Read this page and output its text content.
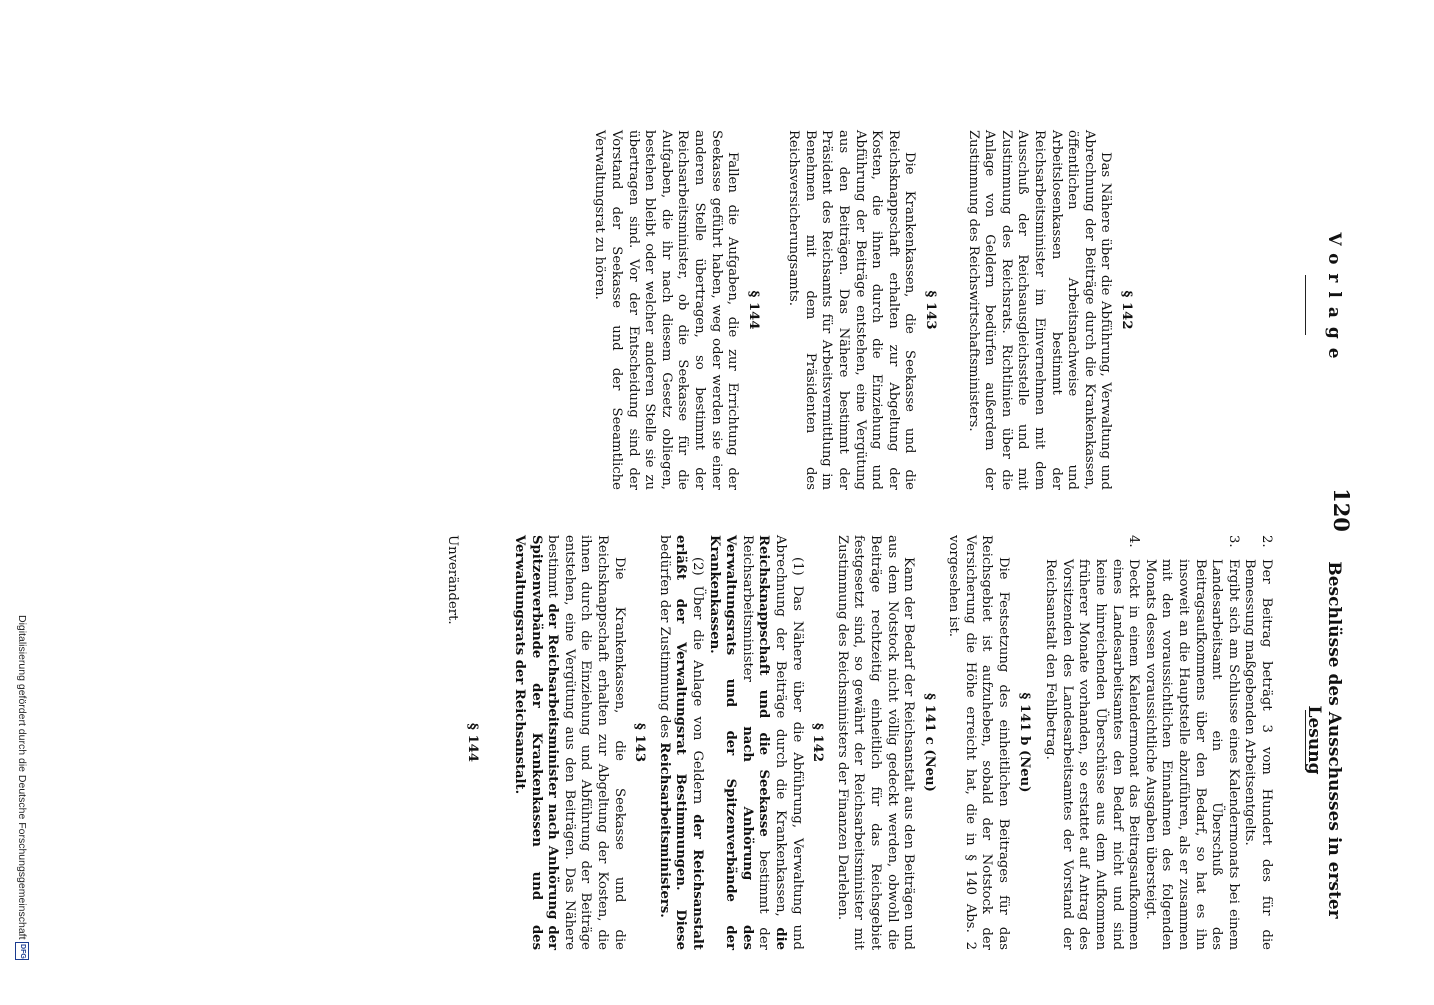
120
Vorlage
Beschlüsse des Ausschusses in erster Lesung

§ 142

Das Nähere über die Abführung, Verwaltung und Abrechnung der Beiträge durch die Krankenkassen, öffentlichen Arbeitsnachweise und Arbeitslosenkassen bestimmt der Reichsarbeitsminister im Einvernehmen mit dem Ausschuß der Reichsausgleichsstelle und mit Zustimmung des Reichsrats. Richtlinien über die Anlage von Geldern bedürfen außerdem der Zustimmung des Reichswirtschaftsministers.

§ 143

Die Krankenkassen, die Seekasse und die Reichsknappschaft erhalten zur Abgeltung der Kosten, die ihnen durch die Einziehung und Abführung der Beiträge entstehen, eine Vergütung aus den Beiträgen. Das Nähere bestimmt der Präsident des Reichsamts für Arbeitsvermittlung im Benehmen mit dem Präsidenten des Reichsversicherungsamts.

§ 144

Fallen die Aufgaben, die zur Errichtung der Seekasse geführt haben, weg oder werden sie einer anderen Stelle übertragen, so bestimmt der Reichsarbeitsminister, ob die Seekasse für die Aufgaben, die ihr nach diesem Gesetz obliegen, bestehen bleibt oder welcher anderen Stelle sie zu übertragen sind. Vor der Entscheidung sind der Vorstand der Seekasse und der Seeamtliche Verwaltungsrat zu hören.

2.
Der Beitrag beträgt 3 vom Hundert des für die Bemessung maßgebenden Arbeitsentgelts.
3.
Ergibt sich am Schlusse eines Kalendermonats bei einem Landesarbeitsamt ein Überschuß des Beitragsaufkommens über den Bedarf, so hat es ihn insoweit an die Hauptstelle abzuführen, als er zusammen mit den voraussichtlichen Einnahmen des folgenden Monats dessen voraussichtliche Ausgaben übersteigt.
4.
Deckt in einem Kalendermonat das Beitragsaufkommen eines Landesarbeitsamtes den Bedarf nicht und sind keine hinreichenden Überschüsse aus dem Aufkommen früherer Monate vorhanden, so erstattet auf Antrag des Vorsitzenden des Landesarbeitsamtes der Vorstand der Reichsanstalt den Fehlbetrag.

§ 141 b (Neu)

Die Festsetzung des einheitlichen Beitrages für das Reichsgebiet ist aufzuheben, sobald der Notstock der Versicherung die Höhe erreicht hat, die in § 140 Abs. 2 vorgesehen ist.

§ 141 c (Neu)

Kann der Bedarf der Reichsanstalt aus den Beiträgen und aus dem Notstock nicht völlig gedeckt werden, obwohl die Beiträge rechtzeitig einheitlich für das Reichsgebiet festgesetzt sind, so gewährt der Reichsarbeitsminister mit Zustimmung des Reichsministers der Finanzen Darlehen.

§ 142

(1) Das Nähere über die Abführung, Verwaltung und Abrechnung der Beiträge durch die Krankenkassen, die Reichsknappschaft und die Seekasse bestimmt der Reichsarbeitsminister nach Anhörung des Verwaltungsrats und der Spitzenverbände der Krankenkassen.

(2) Über die Anlage von Geldern der Reichsanstalt erläßt der Verwaltungsrat Bestimmungen. Diese bedürfen der Zustimmung des Reichsarbeitsministers.

§ 143

Die Krankenkassen, die Seekasse und die Reichsknappschaft erhalten zur Abgeltung der Kosten, die ihnen durch die Einziehung und Abführung der Beiträge entstehen, eine Vergütung aus den Beiträgen. Das Nähere bestimmt der Reichsarbeitsminister nach Anhörung der Spitzenverbände der Krankenkassen und des Verwaltungsrats der Reichsanstalt.

§ 144

Unverändert.

Digitalisierung gefördert durch die Deutsche Forschungsgemeinschaft DFG
